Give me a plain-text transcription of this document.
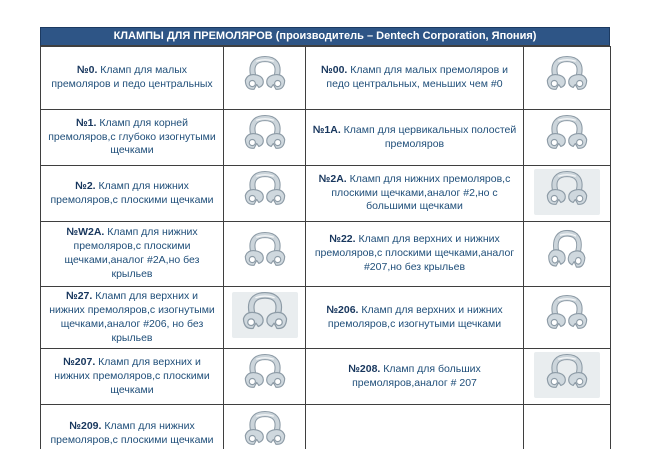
КЛАМПЫ ДЛЯ ПРЕМОЛЯРОВ (производитель – Dentech Corporation, Япония)
№0. Кламп для малых премоляров и педо центральных		№00. Кламп для малых премоляров и педо центральных, меньших чем #0	

№1. Кламп для корней премоляров,с глубоко изогнутыми щечками		№1А. Кламп для цервикальных полостей премоляров	

№2. Кламп для нижних премоляров,с плоскими щечками		№2А. Кламп для нижних премоляров,с плоскими щечками,аналог #2,но с большими щечками	

№W2А. Кламп для нижних премоляров,с плоскими щечками,аналог #2А,но без крыльев		№22. Кламп для верхних и нижних премоляров,с плоскими щечками,аналог #207,но без крыльев	

№27. Кламп для верхних и нижних премоляров,с изогнутыми щечками,аналог #206, но без крыльев		№206. Кламп для верхних и нижних премоляров,с изогнутыми щечками	

№207. Кламп для верхних и нижних премоляров,с плоскими щечками		№208. Кламп для больших премоляров,аналог # 207	

№209. Кламп для нижних премоляров,с плоскими щечками	
